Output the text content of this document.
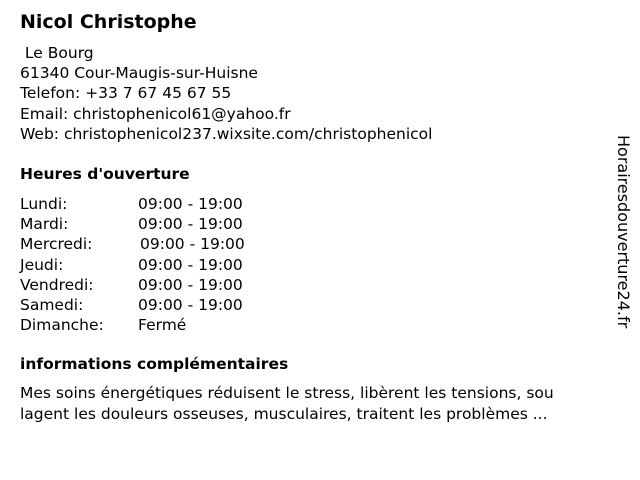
Nicol Christophe
Le Bourg
61340 Cour-Maugis-sur-Huisne
Telefon: +33 7 67 45 67 55
Email: christophenicol61@yahoo.fr
Web: christophenicol237.wixsite.com/christophenicol
Heures d'ouverture
Lundi:	09:00 - 19:00
Mardi:	09:00 - 19:00
Mercredi:	09:00 - 19:00
Jeudi:	09:00 - 19:00
Vendredi:	09:00 - 19:00
Samedi:	09:00 - 19:00
Dimanche: Fermé
informations complémentaires
Mes soins énergétiques réduisent le stress, libèrent les tensions, sou
lagent les douleurs osseuses, musculaires, traitent les problèmes ...
Horairesdouverture24.fr
